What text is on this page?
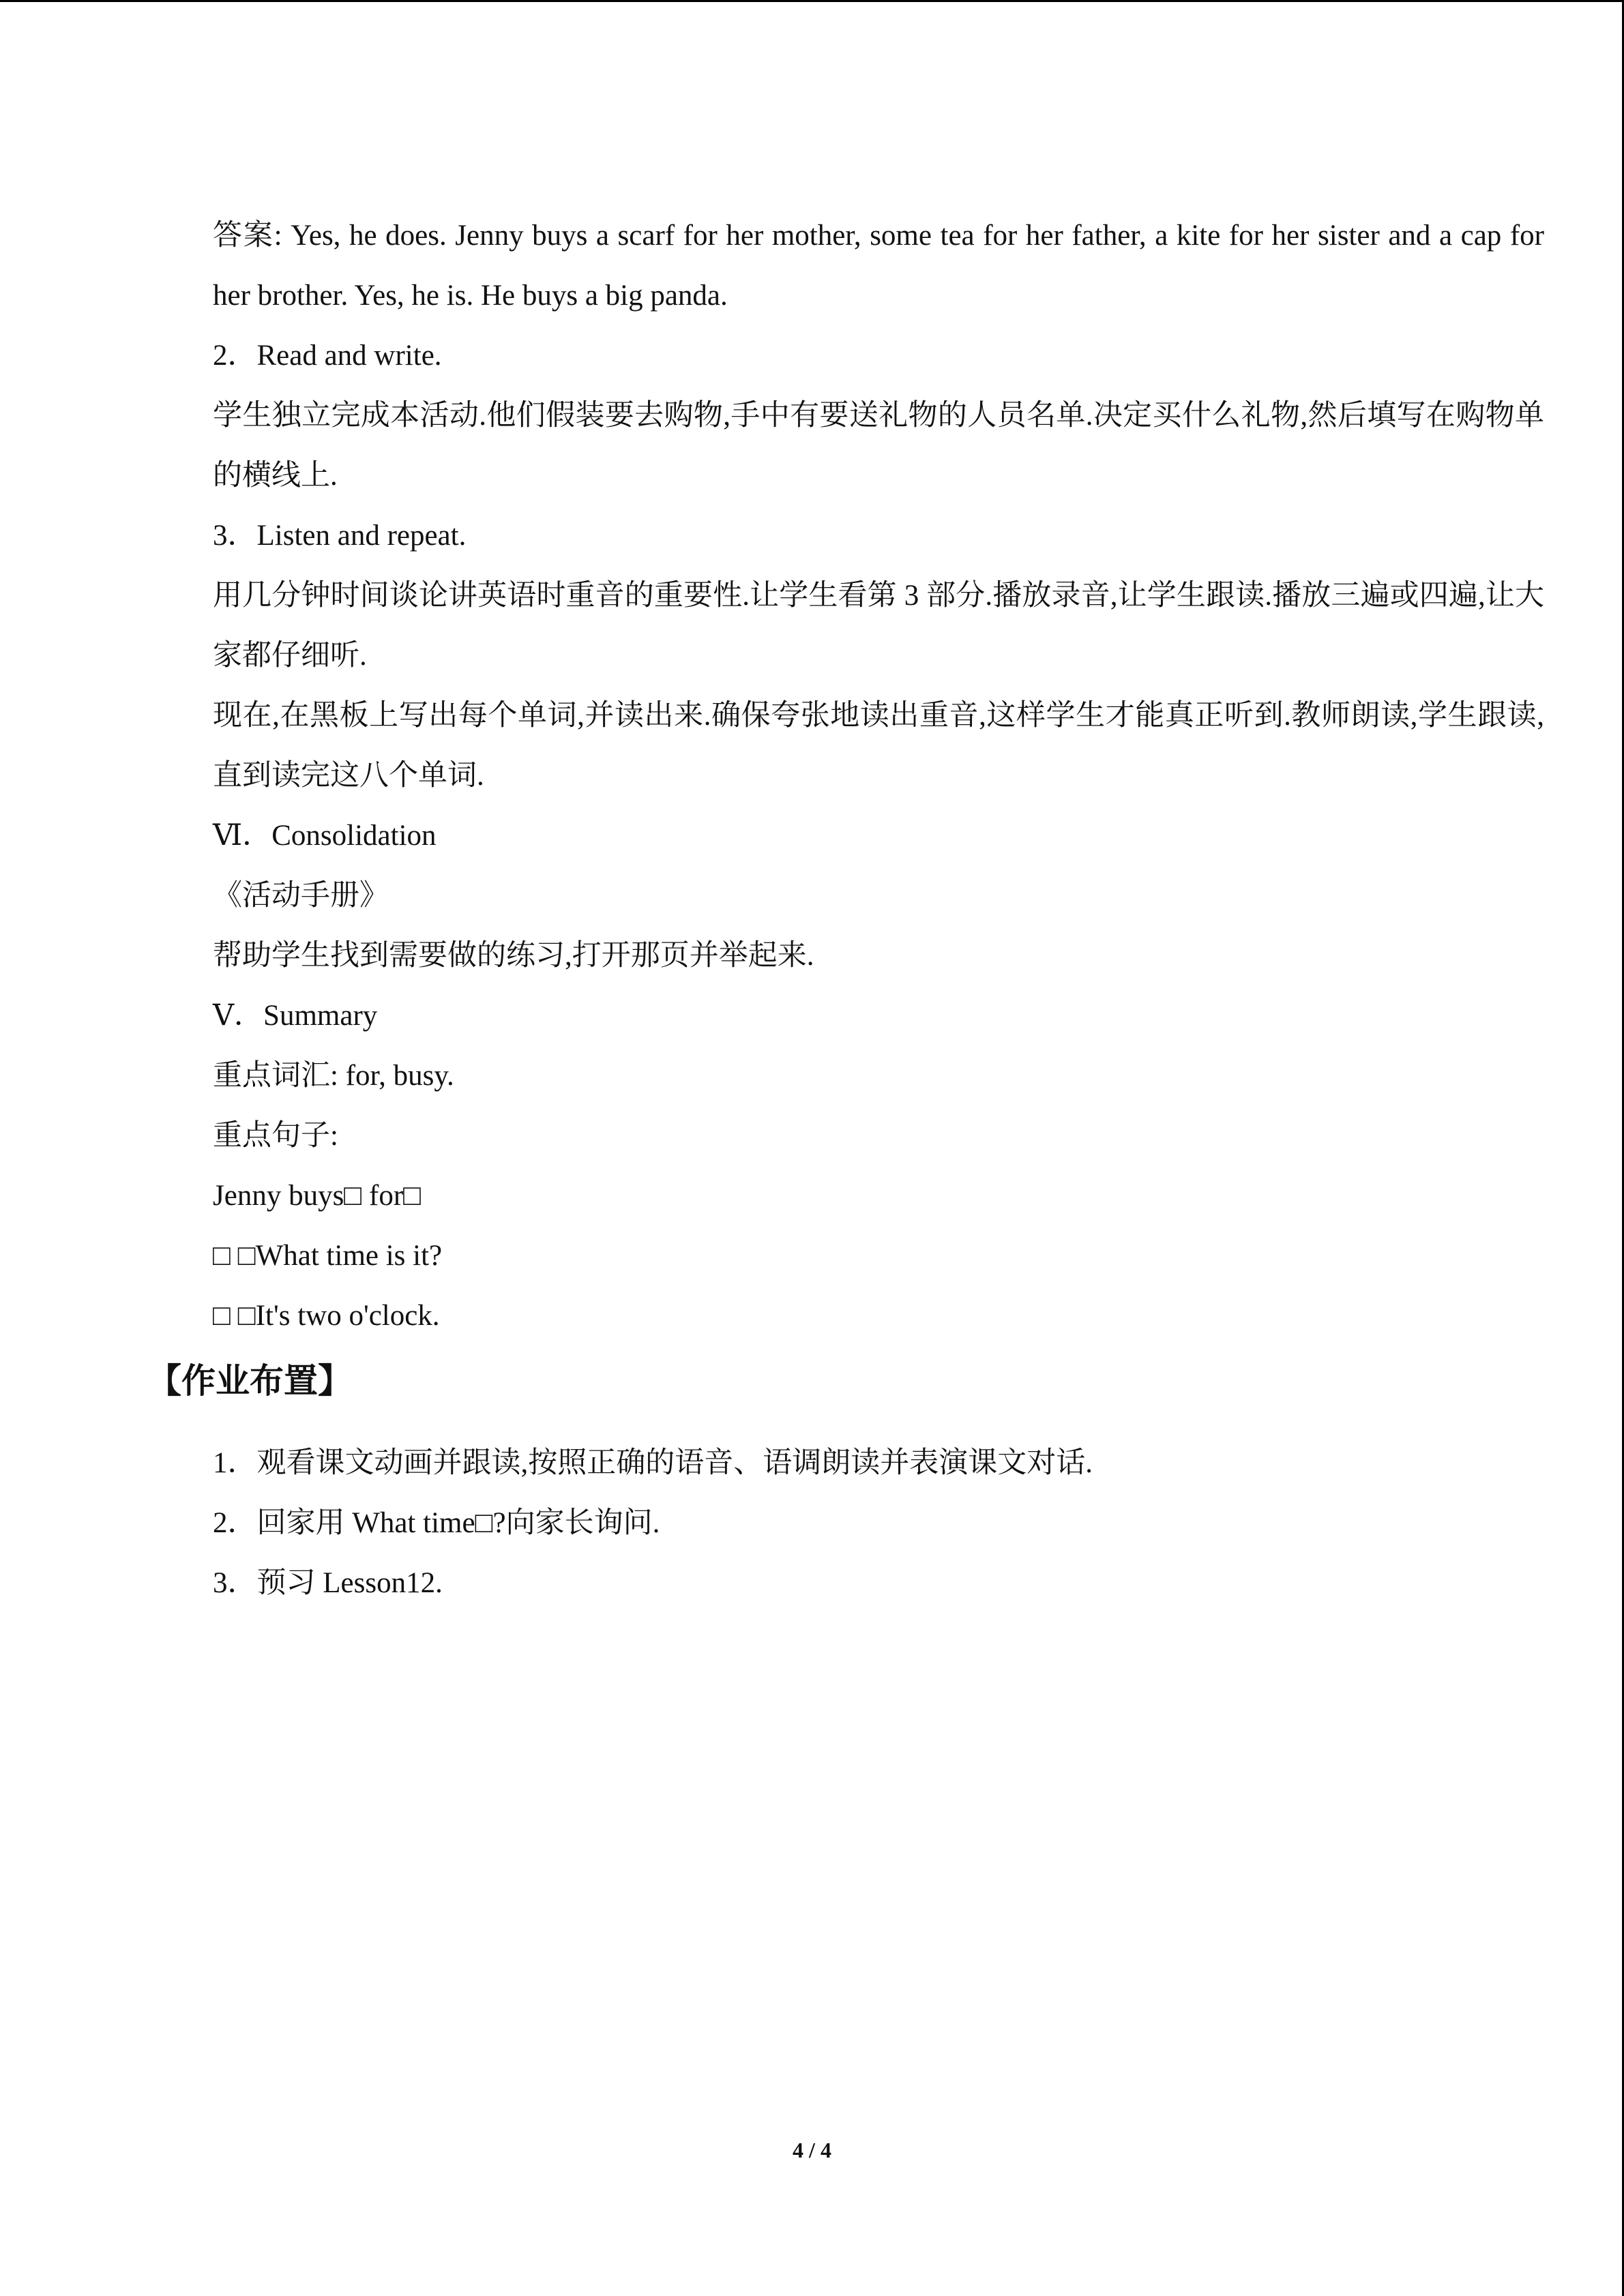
答案: Yes, he does. Jenny buys a scarf for her mother, some tea for her father, a kite for her sister and a cap for her brother. Yes, he is. He buys a big panda.
2．Read and write.
学生独立完成本活动.他们假装要去购物,手中有要送礼物的人员名单.决定买什么礼物,然后填写在购物单的横线上.
3．Listen and repeat.
用几分钟时间谈论讲英语时重音的重要性.让学生看第 3 部分.播放录音,让学生跟读.播放三遍或四遍,让大家都仔细听.
现在,在黑板上写出每个单词,并读出来.确保夸张地读出重音,这样学生才能真正听到.教师朗读,学生跟读,直到读完这八个单词.
Ⅵ．Consolidation
《活动手册》
帮助学生找到需要做的练习,打开那页并举起来.
Ⅴ．Summary
重点词汇: for, busy.
重点句子:
Jenny buys□ for□
□ □What time is it?
□ □It's two o'clock.
【作业布置】
1．观看课文动画并跟读,按照正确的语音、语调朗读并表演课文对话.
2．回家用 What time□?向家长询问.
3．预习 Lesson12.
4 / 4
